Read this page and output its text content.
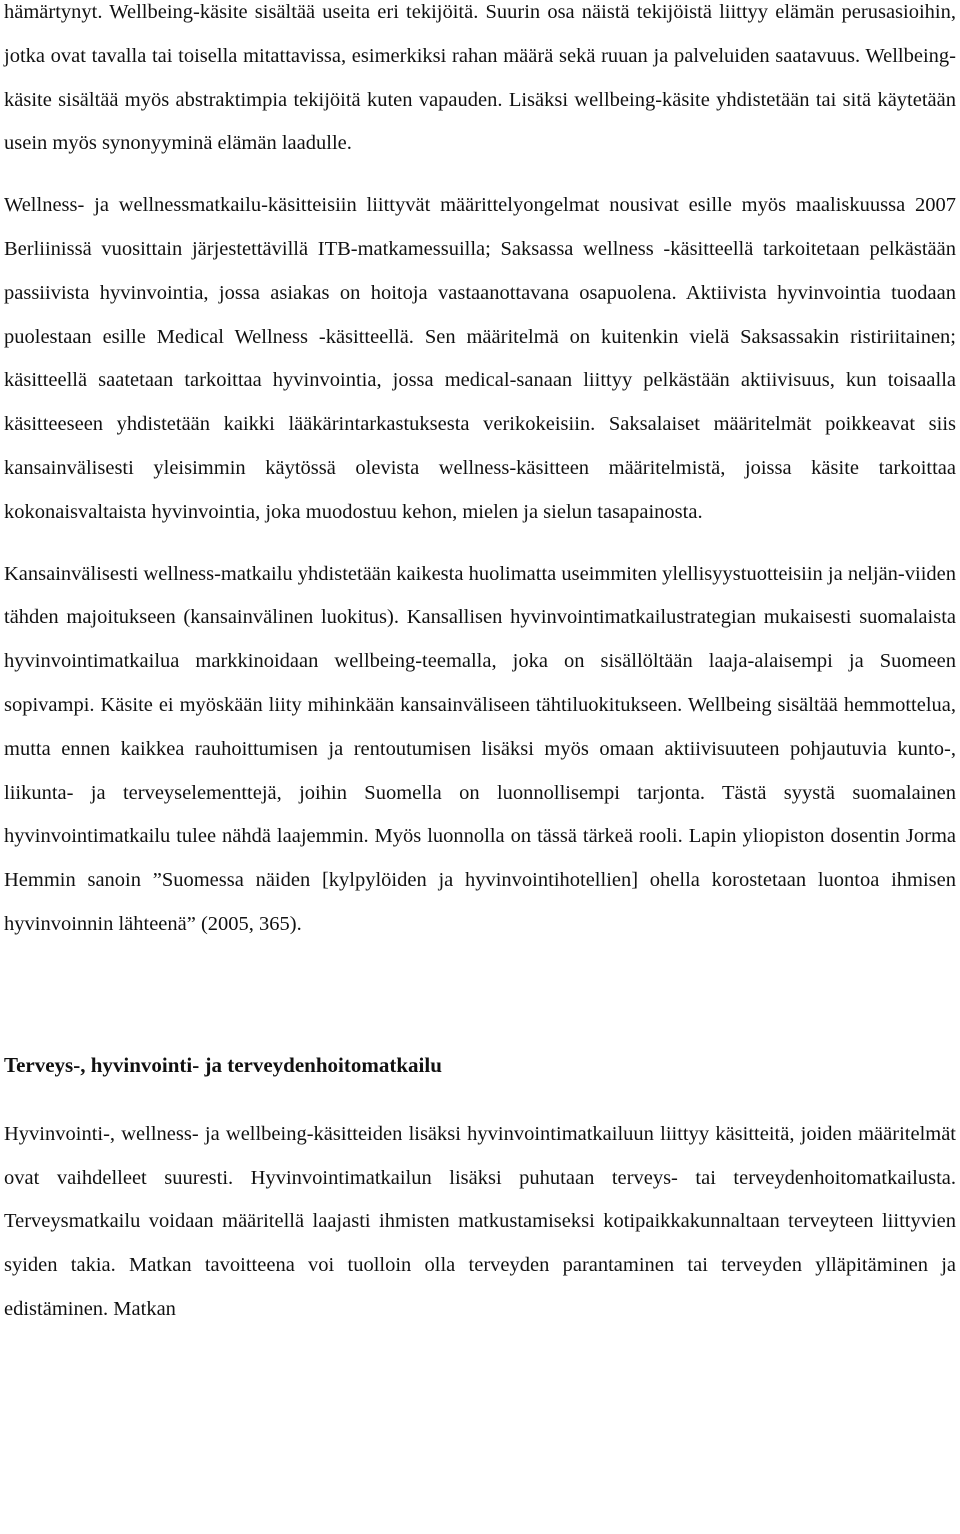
hämärtynyt. Wellbeing-käsite sisältää useita eri tekijöitä. Suurin osa näistä tekijöistä liittyy elämän perusasioihin, jotka ovat tavalla tai toisella mitattavissa, esimerkiksi rahan määrä sekä ruuan ja palveluiden saatavuus. Wellbeing-käsite sisältää myös abstraktimpia tekijöitä kuten vapauden. Lisäksi wellbeing-käsite yhdistetään tai sitä käytetään usein myös synonyyminä elämän laadulle.

Wellness- ja wellnessmatkailu-käsitteisiin liittyvät määrittelyongelmat nousivat esille myös maaliskuussa 2007 Berliinissä vuosittain järjestettävillä ITB-matkamessuilla; Saksassa wellness -käsitteellä tarkoitetaan pelkästään passiivista hyvinvointia, jossa asiakas on hoitoja vastaanottavana osapuolena. Aktiivista hyvinvointia tuodaan puolestaan esille Medical Wellness -käsitteellä. Sen määritelmä on kuitenkin vielä Saksassakin ristiriitainen; käsitteellä saatetaan tarkoittaa hyvinvointia, jossa medical-sanaan liittyy pelkästään aktiivisuus, kun toisaalla käsitteeseen yhdistetään kaikki lääkärintarkastuksesta verikokeisiin. Saksalaiset määritelmät poikkeavat siis kansainvälisesti yleisimmin käytössä olevista wellness-käsitteen määritelmistä, joissa käsite tarkoittaa kokonaisvaltaista hyvinvointia, joka muodostuu kehon, mielen ja sielun tasapainosta.

Kansainvälisesti wellness-matkailu yhdistetään kaikesta huolimatta useimmiten ylellisyystuotteisiin ja neljän-viiden tähden majoitukseen (kansainvälinen luokitus). Kansallisen hyvinvointimatkailustrategian mukaisesti suomalaista hyvinvointimatkailua markkinoidaan wellbeing-teemalla, joka on sisällöltään laaja-alaisempi ja Suomeen sopivampi. Käsite ei myöskään liity mihinkään kansainväliseen tähtiluokitukseen. Wellbeing sisältää hemmottelua, mutta ennen kaikkea rauhoittumisen ja rentoutumisen lisäksi myös omaan aktiivisuuteen pohjautuvia kunto-, liikunta- ja terveyselementtejä, joihin Suomella on luonnollisempi tarjonta. Tästä syystä suomalainen hyvinvointimatkailu tulee nähdä laajemmin. Myös luonnolla on tässä tärkeä rooli. Lapin yliopiston dosentin Jorma Hemmin sanoin ”Suomessa näiden [kylpylöiden ja hyvinvointihotellien] ohella korostetaan luontoa ihmisen hyvinvoinnin lähteenä” (2005, 365).

Terveys-, hyvinvointi- ja terveydenhoitomatkailu

Hyvinvointi-, wellness- ja wellbeing-käsitteiden lisäksi hyvinvointimatkailuun liittyy käsitteitä, joiden määritelmät ovat vaihdelleet suuresti. Hyvinvointimatkailun lisäksi puhutaan terveys- tai terveydenhoitomatkailusta. Terveysmatkailu voidaan määritellä laajasti ihmisten matkustamiseksi kotipaikkakunnaltaan terveyteen liittyvien syiden takia. Matkan tavoitteena voi tuolloin olla terveyden parantaminen tai terveyden ylläpitäminen ja edistäminen. Matkan
